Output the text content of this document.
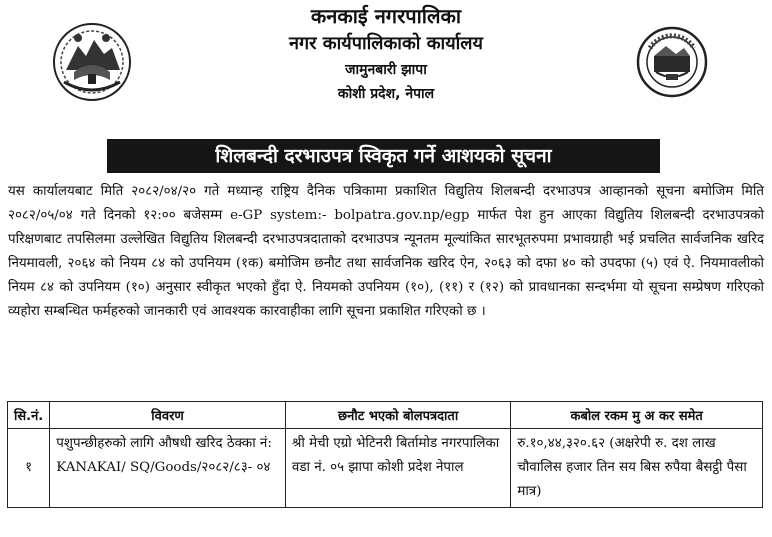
कनकाई नगरपालिका
नगर कार्यपालिकाको कार्यालय
जामुनबारी झापा
कोशी प्रदेश, नेपाल
शिलबन्दी दरभाउपत्र स्विकृत गर्ने आशयको सूचना
यस कार्यालयबाट मिति २०८२/०४/२० गते मध्यान्ह राष्ट्रिय दैनिक पत्रिकामा प्रकाशित विद्युतिय शिलबन्दी दरभाउपत्र आव्हानको सूचना बमोजिम मिति २०८२/०५/०४ गते दिनको १२:०० बजेसम्म e-GP system:- bolpatra.gov.np/egp मार्फत पेश हुन आएका विद्युतिय शिलबन्दी दरभाउपत्रको परिक्षणबाट तपसिलमा उल्लेखित विद्युतिय शिलबन्दी दरभाउपत्रदाताको दरभाउपत्र न्यूनतम मूल्यांकित सारभूतरुपमा प्रभावग्राही भई प्रचलित सार्वजनिक खरिद नियमावली, २०६४ को नियम ८४ को उपनियम (१क) बमोजिम छनौट तथा सार्वजनिक खरिद ऐन, २०६३ को दफा ४० को उपदफा (५) एवं ऐ. नियमावलीको नियम ८४ को उपनियम (१०) अनुसार स्वीकृत भएको हुँदा ऐ. नियमको उपनियम (१०), (११) र (१२) को प्रावधानका सन्दर्भमा यो सूचना सम्प्रेषण गरिएको व्यहोरा सम्बन्धित फर्महरुको जानकारी एवं आवश्यक कारवाहीका लागि सूचना प्रकाशित गरिएको छ ।
सि.नं.	विवरण	छनौट भएको बोलपत्रदाता	कबोल रकम मु अ कर समेत
१	पशुपन्छीहरुको लागि औषधी खरिद ठेक्का नं: KANAKAI/ SQ/Goods/२०८२/८३- ०४	श्री मेची एग्रो भेटिनरी बिर्तामोड नगरपालिका वडा नं. ०५ झापा कोशी प्रदेश नेपाल	रु.१०,४४,३२०.६२ (अक्षरेपी रु. दश लाख चौवालिस हजार तिन सय बिस रुपैया बैसट्ठी पैसा मात्र)
